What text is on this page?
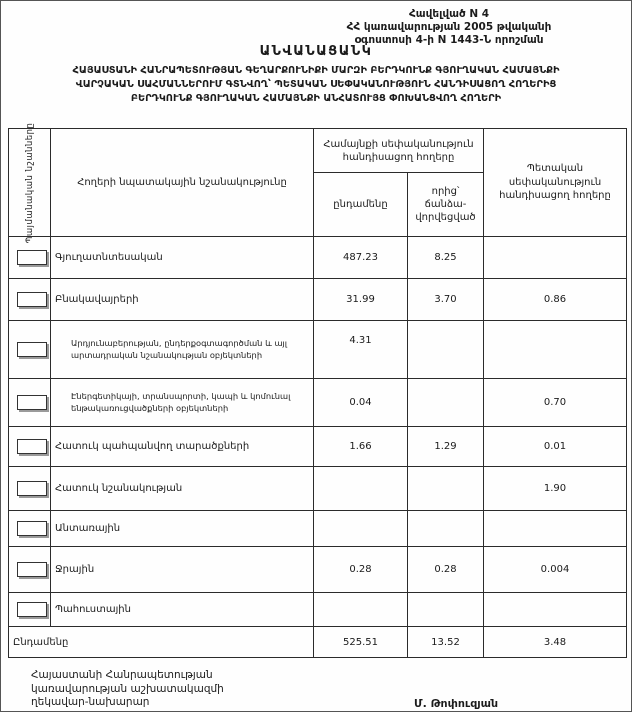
Հավելված N 4
ՀՀ կառավարության 2005 թվականի
օգոստոսի 4-ի N 1443-Ն որոշման
ԱՆՎԱՆԱՑԱՆԿ
ՀԱՅԱՍՏԱՆԻ ՀԱՆՐԱՊԵՏՈՒԹՅԱՆ ԳԵՂԱՐՔՈՒՆԻՔԻ ՄԱՐԶԻ ԲԵՐԴԿՈՒՆՔ ԳՅՈՒՂԱԿԱՆ ՀԱՄԱՅՆՔԻ
ՎԱՐՉԱԿԱՆ ՍԱՀՄԱՆՆԵՐՈՒՄ ԳՏՆՎՈՂ՝ ՊԵՏԱԿԱՆ ՍԵՓԱԿԱՆՈՒԹՅՈՒՆ ՀԱՆԴԻՍԱՑՈՂ ՀՈՂԵՐԻՑ
ԲԵՐԴԿՈՒՆՔ ԳՅՈՒՂԱԿԱՆ ՀԱՄԱՅՆՔԻ ԱՆՀԱՏՈՒՅՑ ՓՈԽԱՆՑՎՈՂ ՀՈՂԵՐԻ
Պայմանական նշանները	Հողերի նպատակային նշանակությունը	Համայնքի սեփականություն հանդիսացող հողերը		Պետական սեփականություն հանդիսացող հողերը
		ընդամենը	որից՝ ճանձա-վորվեցված	

	Գյուղատնտեսական	487.23	8.25	

	Բնակավայրերի	31.99	3.70	0.86

	Արդյունաբերության, ընդերքօգտագործման և այլ արտադրական նշանակության օբյեկտների	4.31		

	Էներգետիկայի, տրանսպորտի, կապի և կոմունալ ենթակառուցվածքների օբյեկտների	0.04		0.70

	Հատուկ պահպանվող տարածքների	1.66	1.29	0.01

	Հատուկ նշանակության			1.90

	Անտառային			

	Ջրային	0.28	0.28	0.004

	Պահուստային			
Ընդամենը		525.51	13.52	3.48
Հայաստանի Հանրապետության
կառավարության աշխատակազմի
ղեկավար-նախարար	Մ. Թոփուզյան
